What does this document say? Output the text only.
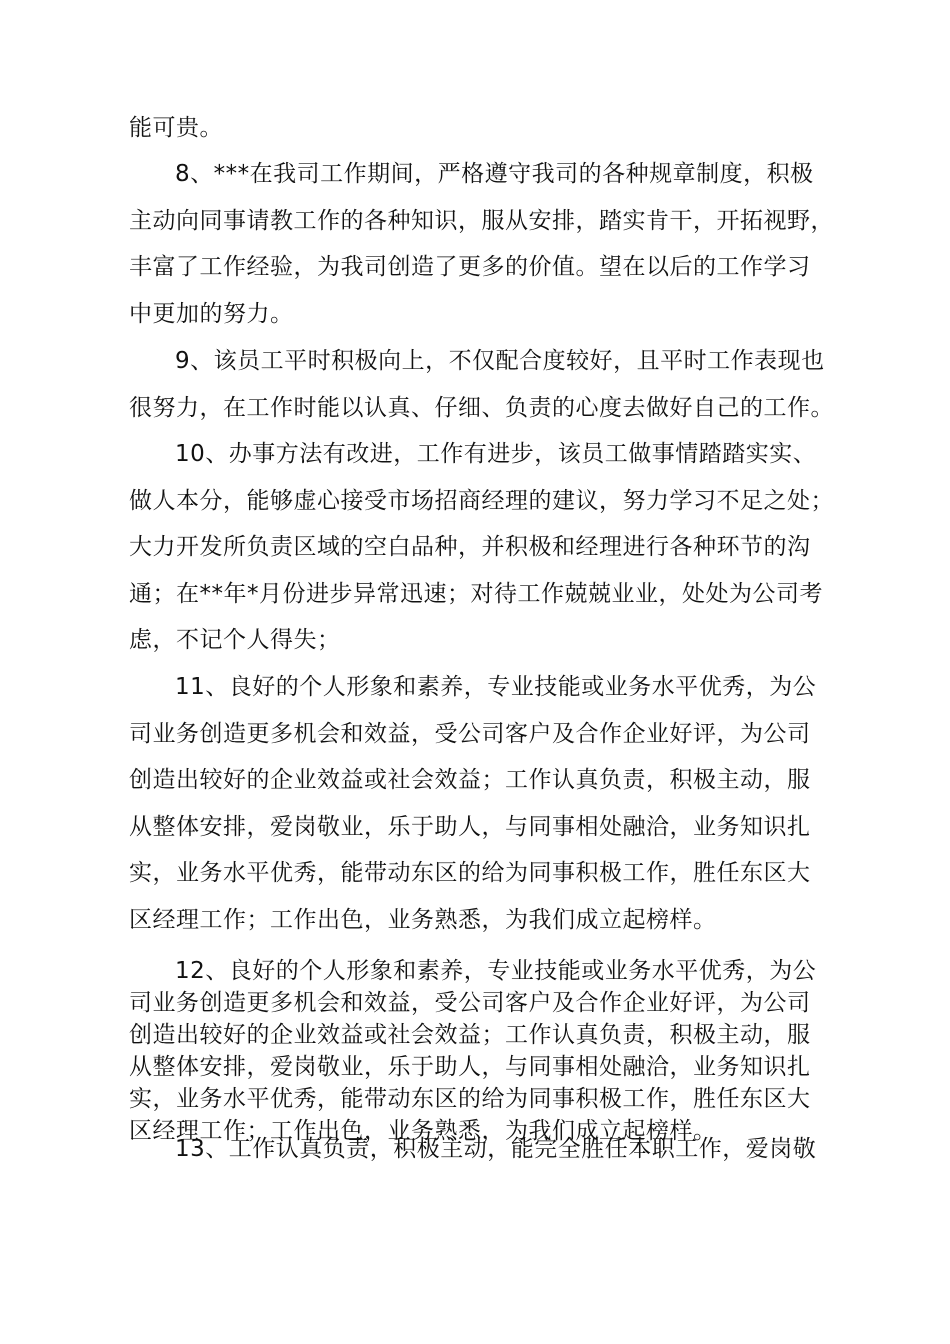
能可贵。
8、***在我司工作期间，严格遵守我司的各种规章制度，积极
主动向同事请教工作的各种知识，服从安排，踏实肯干，开拓视野，
丰富了工作经验，为我司创造了更多的价值。望在以后的工作学习
中更加的努力。
9、该员工平时积极向上，不仅配合度较好，且平时工作表现也
很努力，在工作时能以认真、仔细、负责的心度去做好自己的工作。
10、办事方法有改进，工作有进步，该员工做事情踏踏实实、
做人本分，能够虚心接受市场招商经理的建议，努力学习不足之处；
大力开发所负责区域的空白品种，并积极和经理进行各种环节的沟
通；在**年*月份进步异常迅速；对待工作兢兢业业，处处为公司考
虑，不记个人得失；
11、良好的个人形象和素养，专业技能或业务水平优秀，为公
司业务创造更多机会和效益，受公司客户及合作企业好评，为公司
创造出较好的企业效益或社会效益；工作认真负责，积极主动，服
从整体安排，爱岗敬业，乐于助人，与同事相处融洽，业务知识扎
实，业务水平优秀，能带动东区的给为同事积极工作，胜任东区大
区经理工作；工作出色，业务熟悉，为我们成立起榜样。
12、良好的个人形象和素养，专业技能或业务水平优秀，为公
司业务创造更多机会和效益，受公司客户及合作企业好评，为公司
创造出较好的企业效益或社会效益；工作认真负责，积极主动，服
从整体安排，爱岗敬业，乐于助人，与同事相处融洽，业务知识扎
实，业务水平优秀，能带动东区的给为同事积极工作，胜任东区大
区经理工作；工作出色，业务熟悉，为我们成立起榜样。
13、工作认真负责，积极主动，能完全胜任本职工作，爱岗敬
